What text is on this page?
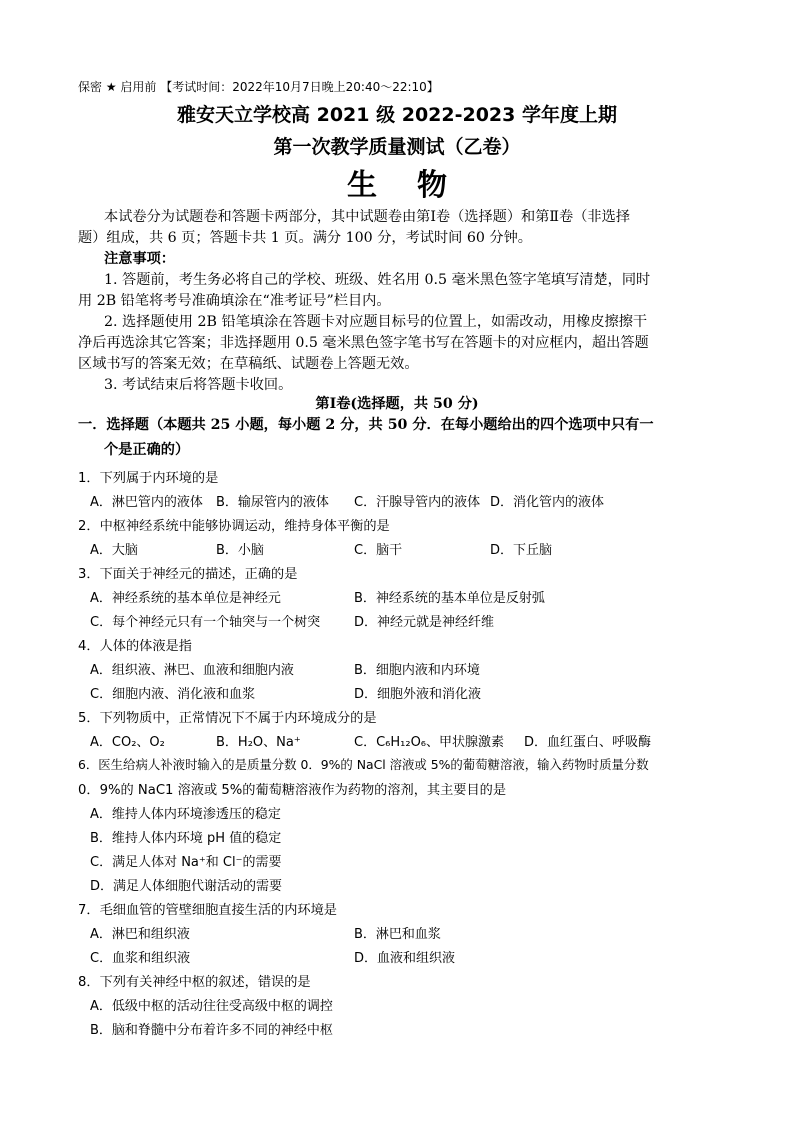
保密 ★ 启用前 【考试时间：2022年10月7日晚上20:40～22:10】
雅安天立学校高 2021 级 2022-2023 学年度上期
第一次教学质量测试（乙卷）
生物
本试卷分为试题卷和答题卡两部分，其中试题卷由第Ⅰ卷（选择题）和第Ⅱ卷（非选择
题）组成，共 6 页；答题卡共 1 页。满分 100 分，考试时间 60 分钟。
注意事项：
1. 答题前，考生务必将自己的学校、班级、姓名用 0.5 毫米黑色签字笔填写清楚，同时
用 2B 铅笔将考号准确填涂在“准考证号”栏目内。
2. 选择题使用 2B 铅笔填涂在答题卡对应题目标号的位置上，如需改动，用橡皮擦擦干
净后再选涂其它答案；非选择题用 0.5 毫米黑色签字笔书写在答题卡的对应框内，超出答题
区域书写的答案无效；在草稿纸、试题卷上答题无效。
3. 考试结束后将答题卡收回。
第Ⅰ卷(选择题，共 50 分)
一．选择题（本题共 25 小题，每小题 2 分，共 50 分．在每小题给出的四个选项中只有一
个是正确的）
1．下列属于内环境的是
A．淋巴管内的液体 B．输尿管内的液体 C．汗腺导管内的液体 D．消化管内的液体
2．中枢神经系统中能够协调运动，维持身体平衡的是
A．大脑	B．小脑	C．脑干	D．下丘脑
3．下面关于神经元的描述，正确的是
A．神经系统的基本单位是神经元	B．神经系统的基本单位是反射弧
C．每个神经元只有一个轴突与一个树突	D．神经元就是神经纤维
4．人体的体液是指
A．组织液、淋巴、血液和细胞内液	B．细胞内液和内环境
C．细胞内液、消化液和血浆	D．细胞外液和消化液
5．下列物质中，正常情况下不属于内环境成分的是
A．CO₂、O₂	B．H₂O、Na⁺	C．C₆H₁₂O₆、甲状腺激素 D．血红蛋白、呼吸酶
6．医生给病人补液时输入的是质量分数 0．9%的 NaCl 溶液或 5%的葡萄糖溶液，输入药物时质量分数
0．9%的 NaC1 溶液或 5%的葡萄糖溶液作为药物的溶剂，其主要目的是
A．维持人体内环境渗透压的稳定
B．维持人体内环境 pH 值的稳定
C．满足人体对 Na⁺和 Cl⁻的需要
D．满足人体细胞代谢活动的需要
7．毛细血管的管壁细胞直接生活的内环境是
A．淋巴和组织液	B．淋巴和血浆
C．血浆和组织液	D．血液和组织液
8．下列有关神经中枢的叙述，错误的是
A．低级中枢的活动往往受高级中枢的调控
B．脑和脊髓中分布着许多不同的神经中枢
